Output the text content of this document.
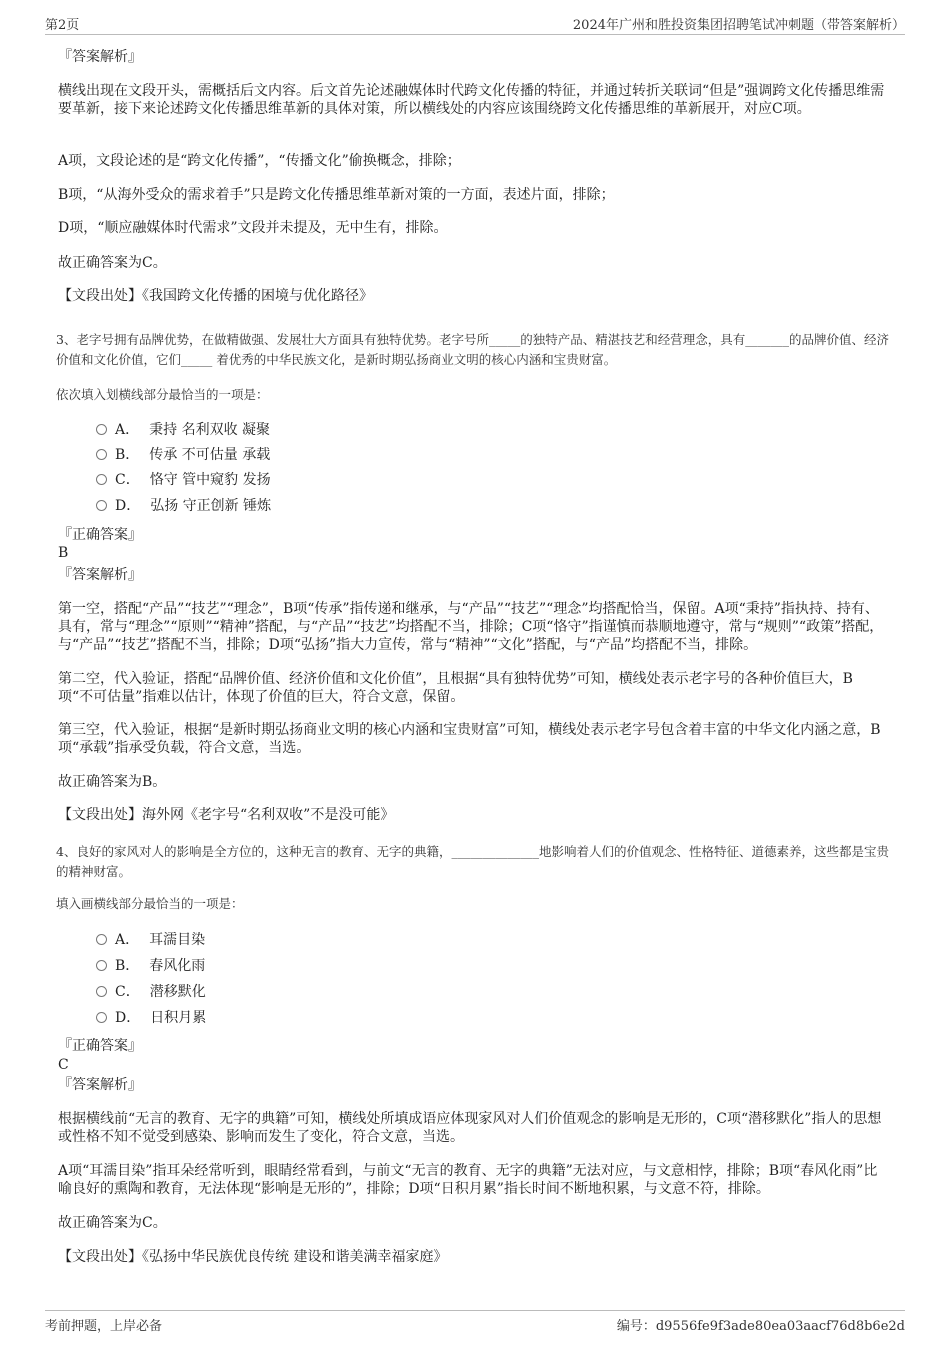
第2页	2024年广州和胜投资集团招聘笔试冲刺题（带答案解析）
『答案解析』
横线出现在文段开头，需概括后文内容。后文首先论述融媒体时代跨文化传播的特征，并通过转折关联词“但是”强调跨文化传播思维需要革新，接下来论述跨文化传播思维革新的具体对策，所以横线处的内容应该围绕跨文化传播思维的革新展开，对应C项。
A项，文段论述的是“跨文化传播”，“传播文化”偷换概念，排除；
B项，“从海外受众的需求着手”只是跨文化传播思维革新对策的一方面，表述片面，排除；
D项，“顺应融媒体时代需求”文段并未提及，无中生有，排除。
故正确答案为C。
【文段出处】《我国跨文化传播的困境与优化路径》
3、老字号拥有品牌优势，在做精做强、发展壮大方面具有独特优势。老字号所_____的独特产品、精湛技艺和经营理念，具有_______的品牌价值、经济价值和文化价值，它们_____ 着优秀的中华民族文化，是新时期弘扬商业文明的核心内涵和宝贵财富。
依次填入划横线部分最恰当的一项是：
A． 秉持 名利双收 凝聚
B． 传承 不可估量 承载
C． 恪守 管中窥豹 发扬
D． 弘扬 守正创新 锤炼
『正确答案』
B
『答案解析』
第一空，搭配“产品”“技艺”“理念”，B项“传承”指传递和继承，与“产品”“技艺”“理念”均搭配恰当，保留。A项“秉持”指执持、持有、具有，常与“理念”“原则”“精神”搭配，与“产品”“技艺”均搭配不当，排除；C项“恪守”指谨慎而恭顺地遵守，常与“规则”“政策”搭配，与“产品”“技艺”搭配不当，排除；D项“弘扬”指大力宣传，常与“精神”“文化”搭配，与“产品”均搭配不当，排除。
第二空，代入验证，搭配“品牌价值、经济价值和文化价值”，且根据“具有独特优势”可知，横线处表示老字号的各种价值巨大，B项“不可估量”指难以估计，体现了价值的巨大，符合文意，保留。
第三空，代入验证，根据“是新时期弘扬商业文明的核心内涵和宝贵财富”可知，横线处表示老字号包含着丰富的中华文化内涵之意，B项“承载”指承受负载，符合文意，当选。
故正确答案为B。
【文段出处】海外网《老字号“名利双收”不是没可能》
4、良好的家风对人的影响是全方位的，这种无言的教育、无字的典籍，______________地影响着人们的价值观念、性格特征、道德素养，这些都是宝贵的精神财富。
填入画横线部分最恰当的一项是：
A． 耳濡目染
B． 春风化雨
C． 潜移默化
D． 日积月累
『正确答案』
C
『答案解析』
根据横线前“无言的教育、无字的典籍”可知，横线处所填成语应体现家风对人们价值观念的影响是无形的，C项“潜移默化”指人的思想或性格不知不觉受到感染、影响而发生了变化，符合文意，当选。
A项“耳濡目染”指耳朵经常听到，眼睛经常看到，与前文“无言的教育、无字的典籍”无法对应，与文意相悖，排除；B项“春风化雨”比喻良好的熏陶和教育，无法体现“影响是无形的”，排除；D项“日积月累”指长时间不断地积累，与文意不符，排除。
故正确答案为C。
【文段出处】《弘扬中华民族优良传统 建设和谐美满幸福家庭》
考前押题，上岸必备	编号：d9556fe9f3ade80ea03aacf76d8b6e2d
